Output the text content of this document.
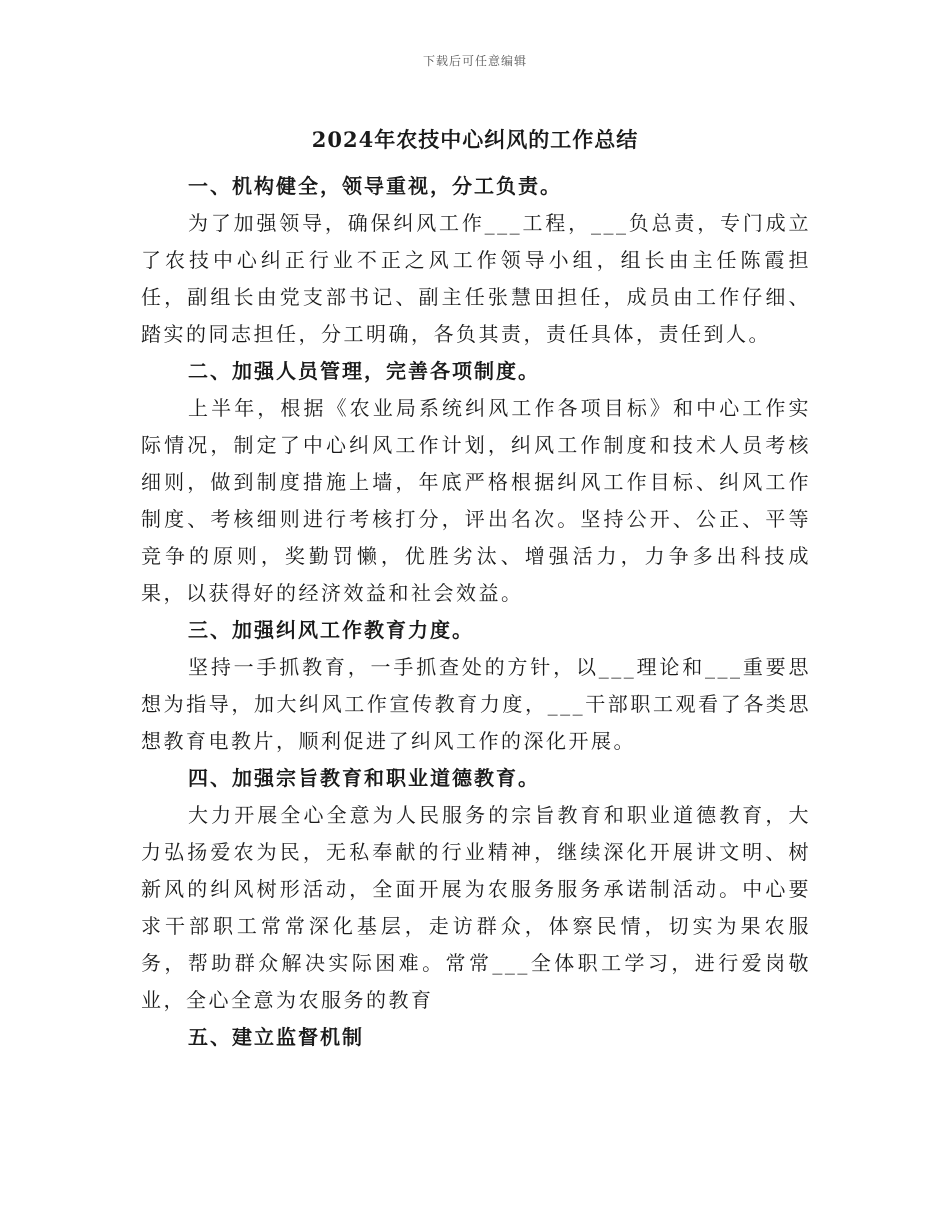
下载后可任意编辑
2024年农技中心纠风的工作总结

一、机构健全，领导重视，分工负责。

为了加强领导，确保纠风工作___工程，___负总责，专门成立了农技中心纠正行业不正之风工作领导小组，组长由主任陈霞担任，副组长由党支部书记、副主任张慧田担任，成员由工作仔细、踏实的同志担任，分工明确，各负其责，责任具体，责任到人。

二、加强人员管理，完善各项制度。

上半年，根据《农业局系统纠风工作各项目标》和中心工作实际情况，制定了中心纠风工作计划，纠风工作制度和技术人员考核细则，做到制度措施上墙，年底严格根据纠风工作目标、纠风工作制度、考核细则进行考核打分，评出名次。坚持公开、公正、平等竞争的原则，奖勤罚懒，优胜劣汰、增强活力，力争多出科技成果，以获得好的经济效益和社会效益。

三、加强纠风工作教育力度。

坚持一手抓教育，一手抓查处的方针，以___理论和___重要思想为指导，加大纠风工作宣传教育力度，___干部职工观看了各类思想教育电教片，顺利促进了纠风工作的深化开展。

四、加强宗旨教育和职业道德教育。

大力开展全心全意为人民服务的宗旨教育和职业道德教育，大力弘扬爱农为民，无私奉献的行业精神，继续深化开展讲文明、树新风的纠风树形活动，全面开展为农服务服务承诺制活动。中心要求干部职工常常深化基层，走访群众，体察民情，切实为果农服务，帮助群众解决实际困难。常常___全体职工学习，进行爱岗敬业，全心全意为农服务的教育

五、建立监督机制
